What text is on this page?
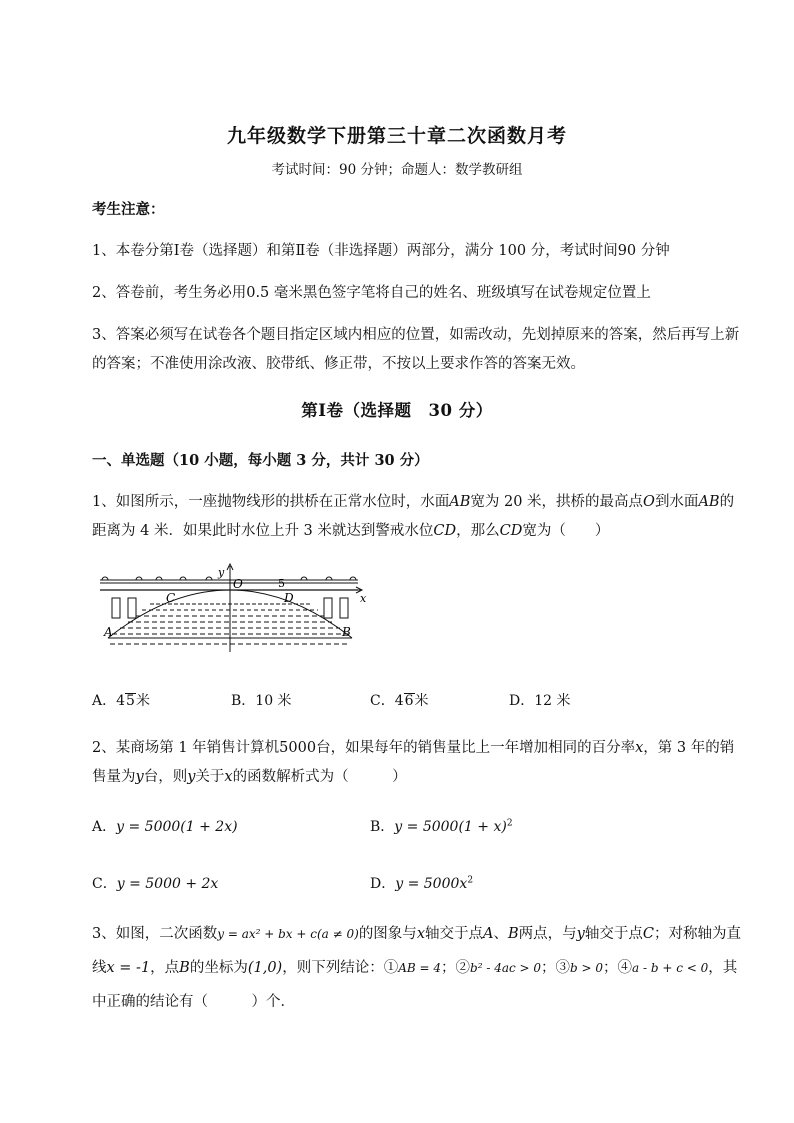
九年级数学下册第三十章二次函数月考
考试时间：90 分钟；命题人：数学教研组
考生注意：
1、本卷分第Ⅰ卷（选择题）和第Ⅱ卷（非选择题）两部分，满分 100 分，考试时间90 分钟
2、答卷前，考生务必用0.5 毫米黑色签字笔将自己的姓名、班级填写在试卷规定位置上
3、答案必须写在试卷各个题目指定区域内相应的位置，如需改动，先划掉原来的答案，然后再写上新
的答案；不准使用涂改液、胶带纸、修正带，不按以上要求作答的答案无效。
第Ⅰ卷（选择题　30 分）
一、单选题（10 小题，每小题 3 分，共计 30 分）
1、如图所示，一座抛物线形的拱桥在正常水位时，水面AB宽为 20 米，拱桥的最高点O到水面AB的
距离为 4 米．如果此时水位上升 3 米就达到警戒水位CD，那么CD宽为（　　）
y
O	5
x
C	D
A	B
A．45米	B．10 米	C．46米	D．12 米
2、某商场第 1 年销售计算机5000台，如果每年的销售量比上一年增加相同的百分率x，第 3 年的销
售量为y台，则y关于x的函数解析式为（　　　）
A．y = 5000(1 + 2x)	B．$y = 5000(1 + x)^2$
C．y = 5000 + 2x	D．$y = 5000x^2$
3、如图，二次函数y = ax² + bx + c(a ≠ 0)的图象与x轴交于点A、B两点，与y轴交于点C；对称轴为直
线x = -1，点B的坐标为(1,0)，则下列结论：①AB = 4；②b² - 4ac > 0；③b > 0；④a - b + c < 0，其
中正确的结论有（　　　）个．
